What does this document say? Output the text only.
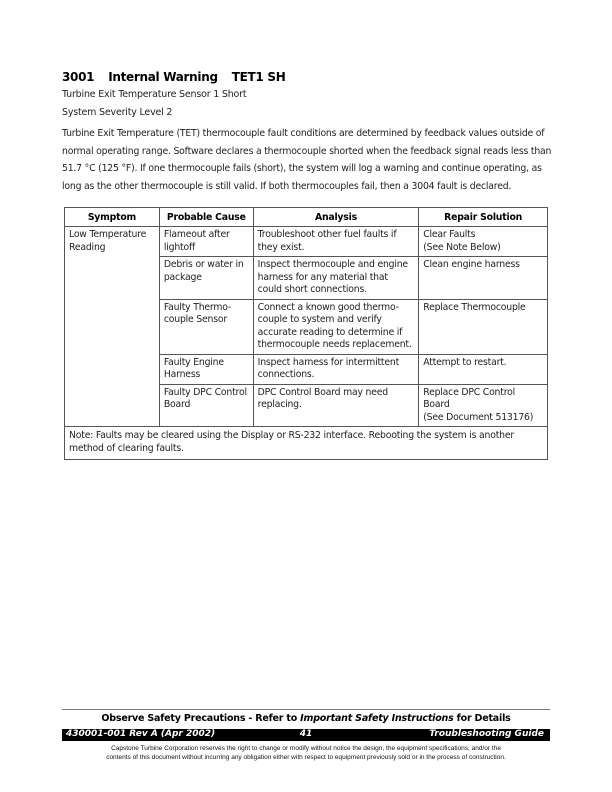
3001 Internal Warning TET1 SH
Turbine Exit Temperature Sensor 1 Short
System Severity Level 2
Turbine Exit Temperature (TET) thermocouple fault conditions are determined by feedback values outside of normal operating range. Software declares a thermocouple shorted when the feedback signal reads less than 51.7 °C (125 °F). If one thermocouple fails (short), the system will log a warning and continue operating, as long as the other thermocouple is still valid. If both thermocouples fail, then a 3004 fault is declared.
Symptom	Probable Cause	Analysis	Repair Solution
Low Temperature Reading	Flameout after lightoff	Troubleshoot other fuel faults if they exist.	Clear Faults
(See Note Below)

	Debris or water in package	Inspect thermocouple and engine harness for any material that could short connections.	Clean engine harness
	Faulty Thermo-couple Sensor	Connect a known good thermo-couple to system and verify accurate reading to determine if thermocouple needs replacement.	Replace Thermocouple
	Faulty Engine Harness	Inspect harness for intermittent connections.	Attempt to restart.
	Faulty DPC Control Board	DPC Control Board may need replacing.	Replace DPC Control Board
(See Document 513176)

Note: Faults may be cleared using the Display or RS-232 interface. Rebooting the system is another method of clearing faults.			
Observe Safety Precautions - Refer to Important Safety Instructions for Details
41
430001-001 Rev A (Apr 2002)	Troubleshooting Guide
Capstone Turbine Corporation reserves the right to change or modify without notice the design, the equipment specifications, and/or the
contents of this document without incurring any obligation either with respect to equipment previously sold or in the process of construction.
